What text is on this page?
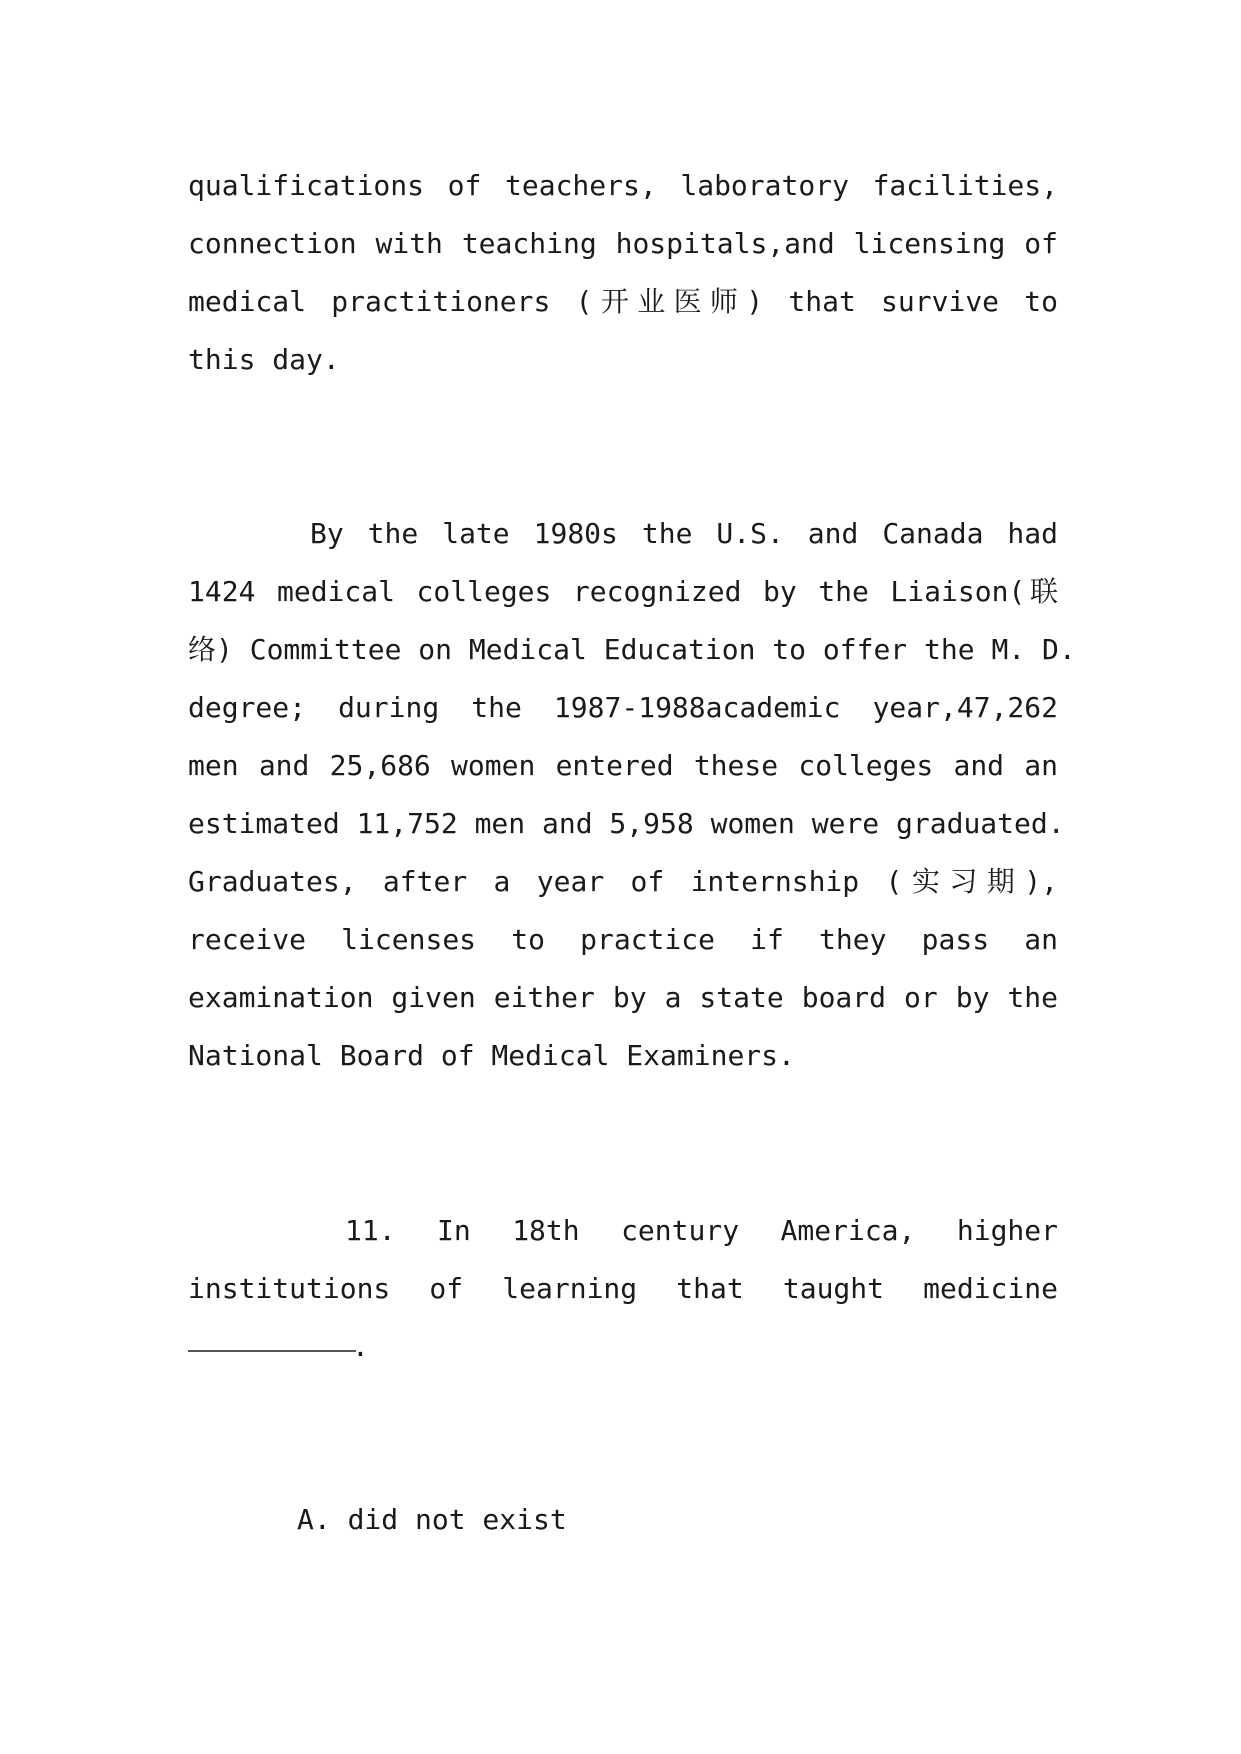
qualifications of teachers, laboratory facilities,
connection with teaching hospitals,and licensing of
medical practitioners (开业医师) that survive to
this day.
By the late 1980s the U.S. and Canada had
1424 medical colleges recognized by the Liaison(联
络) Committee on Medical Education to offer the M. D.
degree; during the 1987-1988academic year,47,262
men and 25,686 women entered these colleges and an
estimated 11,752 men and 5,958 women were graduated.
Graduates, after a year of internship (实习期),
receive licenses to practice if they pass an
examination given either by a state board or by the
National Board of Medical Examiners.
11. In 18th century America, higher
institutions of learning that taught medicine
.
A. did not exist
